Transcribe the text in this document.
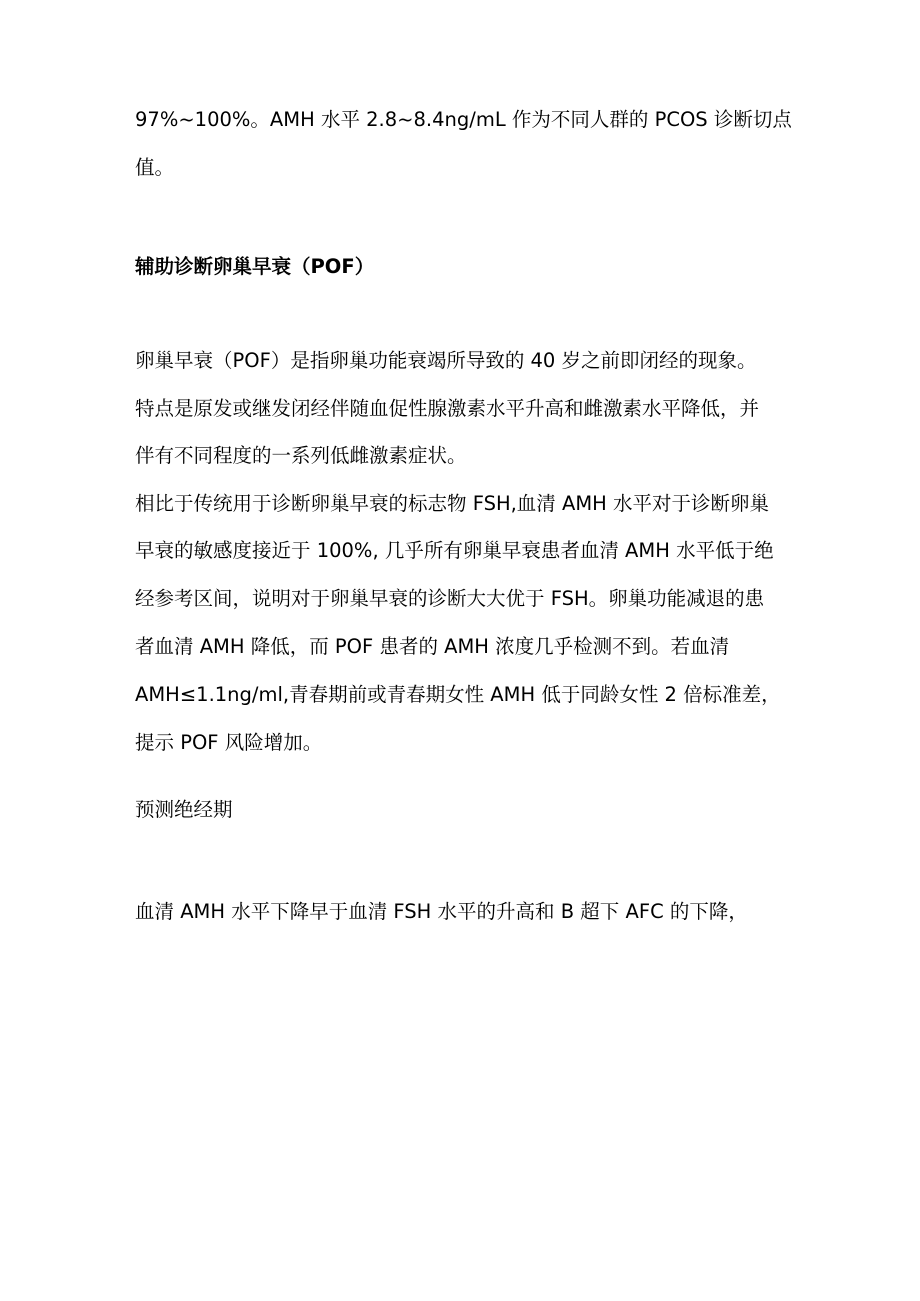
97%~100%。AMH 水平 2.8~8.4ng/mL 作为不同人群的 PCOS 诊断切点

值。

辅助诊断卵巢早衰（POF）

卵巢早衰（POF）是指卵巢功能衰竭所导致的 40 岁之前即闭经的现象。

特点是原发或继发闭经伴随血促性腺激素水平升高和雌激素水平降低，并

伴有不同程度的一系列低雌激素症状。

相比于传统用于诊断卵巢早衰的标志物 FSH,血清 AMH 水平对于诊断卵巢

早衰的敏感度接近于 100%, 几乎所有卵巢早衰患者血清 AMH 水平低于绝

经参考区间，说明对于卵巢早衰的诊断大大优于 FSH。卵巢功能减退的患

者血清 AMH 降低，而 POF 患者的 AMH 浓度几乎检测不到。若血清

AMH≤1.1ng/ml,青春期前或青春期女性 AMH 低于同龄女性 2 倍标准差，

提示 POF 风险增加。

预测绝经期

血清 AMH 水平下降早于血清 FSH 水平的升高和 B 超下 AFC 的下降，
